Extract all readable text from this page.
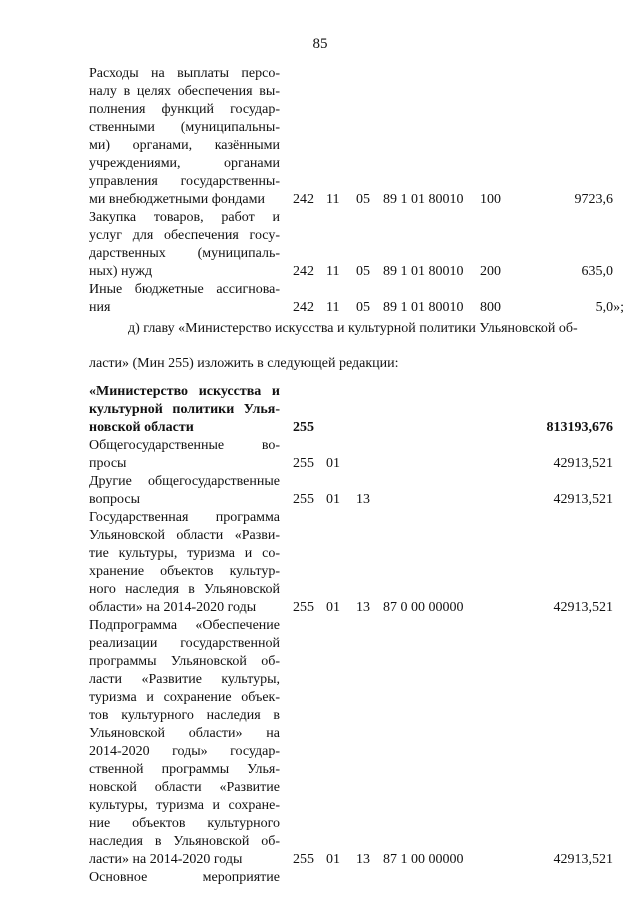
85
Расходы на выплаты персо-
налу в целях обеспечения вы-
полнения функций государ-
ственными (муниципальны-
ми) органами, казёнными
учреждениями, органами
управления государственны-
ми внебюджетными фондами	242 11 05 89 1 01 80010 100	9723,6
Закупка товаров, работ и
услуг для обеспечения госу-
дарственных (муниципаль-
ных) нужд	242 11 05 89 1 01 80010 200	635,0
Иные бюджетные ассигнова-
ния	242 11 05 89 1 01 80010 800	5,0»;
д) главу «Министерство искусства и культурной политики Ульяновской об-
ласти» (Мин 255) изложить в следующей редакции:
«Министерство искусства и
культурной политики Улья-
новской области	255	813193,676
Общегосударственные во-
просы	255 01	42913,521
Другие общегосударственные
вопросы	255 01 13	42913,521
Государственная программа
Ульяновской области «Разви-
тие культуры, туризма и со-
хранение объектов культур-
ного наследия в Ульяновской
области» на 2014-2020 годы	255 01 13 87 0 00 00000	42913,521
Подпрограмма «Обеспечение
реализации государственной
программы Ульяновской об-
ласти «Развитие культуры,
туризма и сохранение объек-
тов культурного наследия в
Ульяновской области» на
2014-2020 годы» государ-
ственной программы Улья-
новской области «Развитие
культуры, туризма и сохране-
ние объектов культурного
наследия в Ульяновской об-
ласти» на 2014-2020 годы	255 01 13 87 1 00 00000	42913,521
Основное мероприятие
